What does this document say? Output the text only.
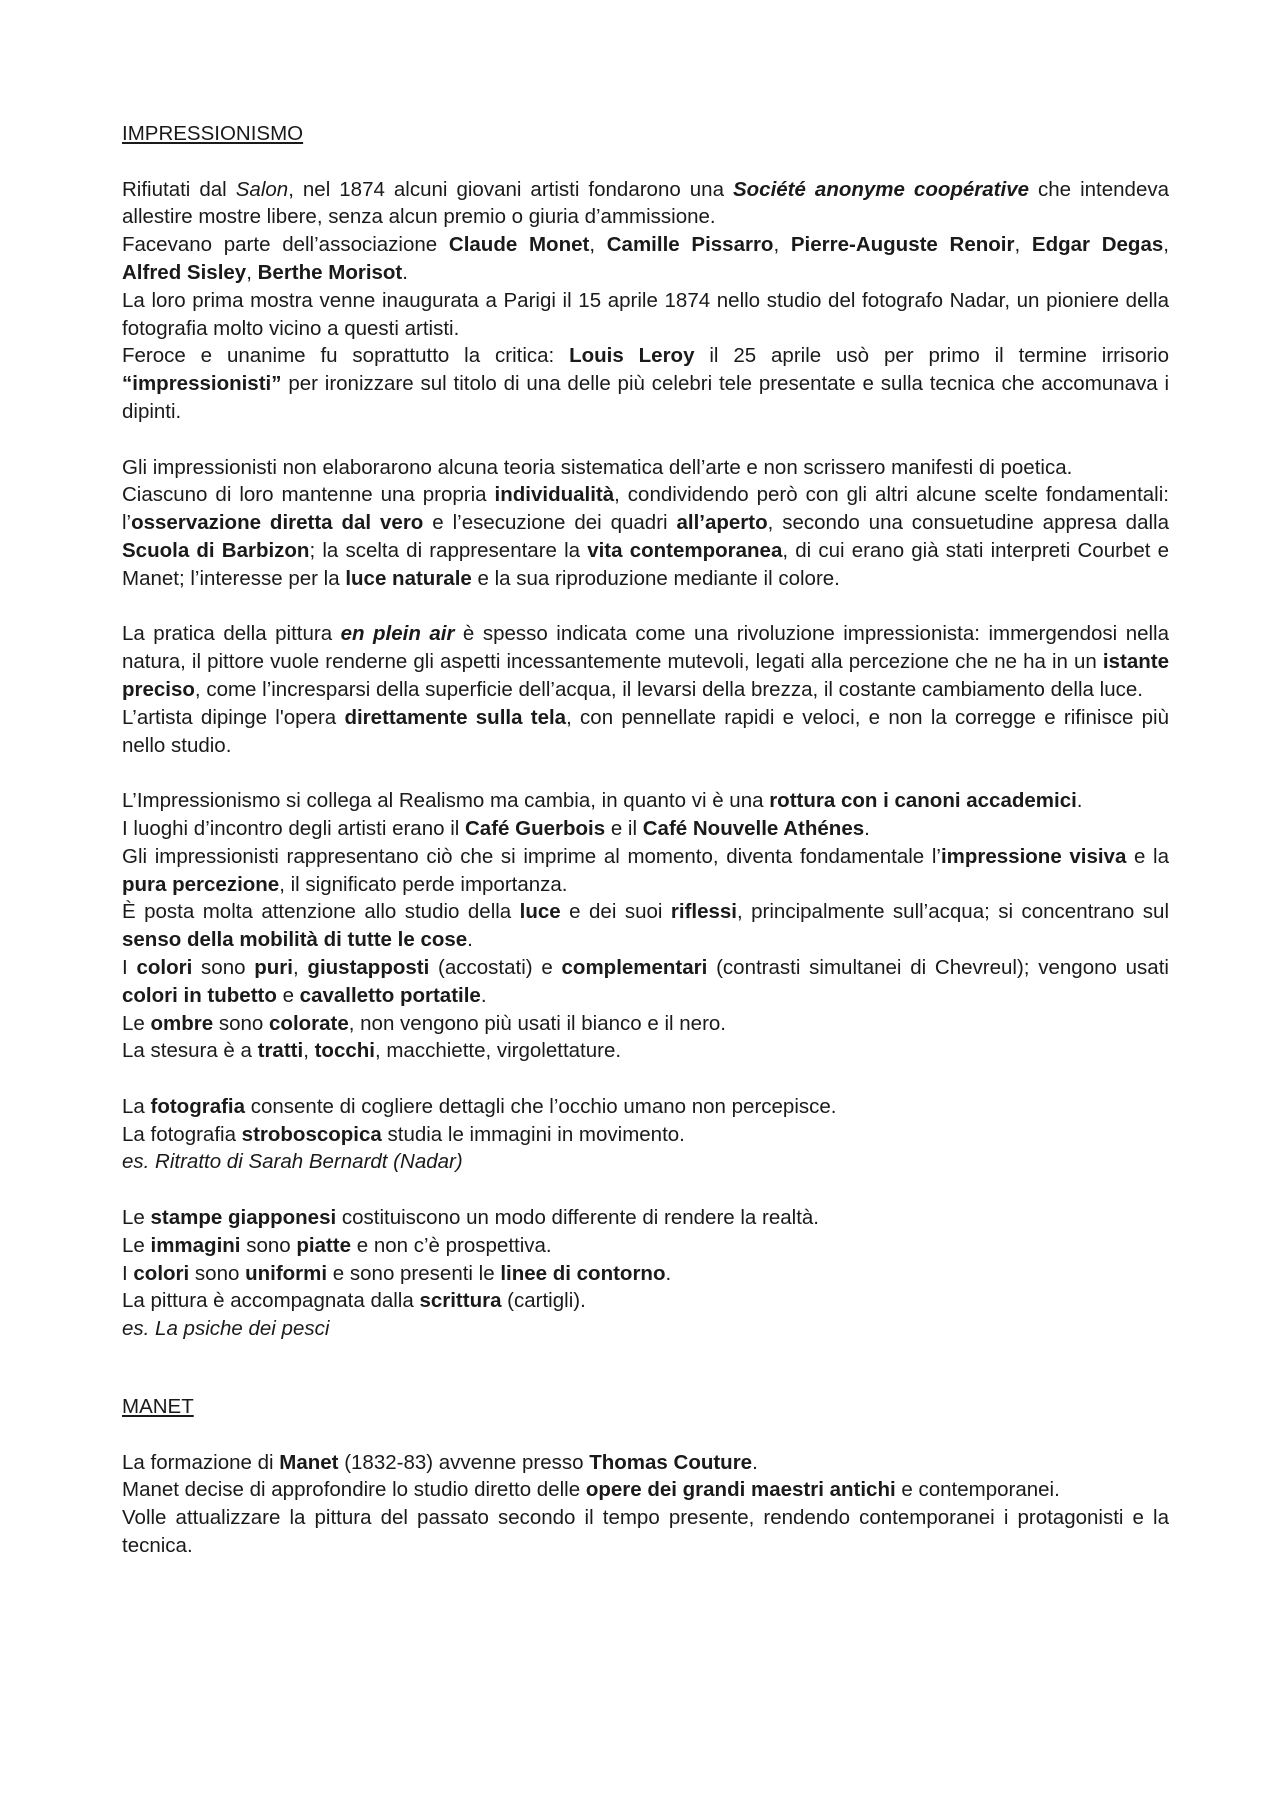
IMPRESSIONISMO

Rifiutati dal Salon, nel 1874 alcuni giovani artisti fondarono una Société anonyme coopérative che intendeva allestire mostre libere, senza alcun premio o giuria d’ammissione.

Facevano parte dell’associazione Claude Monet, Camille Pissarro, Pierre-Auguste Renoir, Edgar Degas, Alfred Sisley, Berthe Morisot.

La loro prima mostra venne inaugurata a Parigi il 15 aprile 1874 nello studio del fotografo Nadar, un pioniere della fotografia molto vicino a questi artisti.

Feroce e unanime fu soprattutto la critica: Louis Leroy il 25 aprile usò per primo il termine irrisorio “impressionisti” per ironizzare sul titolo di una delle più celebri tele presentate e sulla tecnica che accomunava i dipinti.

Gli impressionisti non elaborarono alcuna teoria sistematica dell’arte e non scrissero manifesti di poetica.

Ciascuno di loro mantenne una propria individualità, condividendo però con gli altri alcune scelte fondamentali: l’osservazione diretta dal vero e l’esecuzione dei quadri all’aperto, secondo una consuetudine appresa dalla Scuola di Barbizon; la scelta di rappresentare la vita contemporanea, di cui erano già stati interpreti Courbet e Manet; l’interesse per la luce naturale e la sua riproduzione mediante il colore.

La pratica della pittura en plein air è spesso indicata come una rivoluzione impressionista: immergendosi nella natura, il pittore vuole renderne gli aspetti incessantemente mutevoli, legati alla percezione che ne ha in un istante preciso, come l’incresparsi della superficie dell’acqua, il levarsi della brezza, il costante cambiamento della luce.

L’artista dipinge l'opera direttamente sulla tela, con pennellate rapidi e veloci, e non la corregge e rifinisce più nello studio.

L’Impressionismo si collega al Realismo ma cambia, in quanto vi è una rottura con i canoni accademici.

I luoghi d’incontro degli artisti erano il Café Guerbois e il Café Nouvelle Athénes.

Gli impressionisti rappresentano ciò che si imprime al momento, diventa fondamentale l’impressione visiva e la pura percezione, il significato perde importanza.

È posta molta attenzione allo studio della luce e dei suoi riflessi, principalmente sull’acqua; si concentrano sul senso della mobilità di tutte le cose.

I colori sono puri, giustapposti (accostati) e complementari (contrasti simultanei di Chevreul); vengono usati colori in tubetto e cavalletto portatile.

Le ombre sono colorate, non vengono più usati il bianco e il nero.

La stesura è a tratti, tocchi, macchiette, virgolettature.

La fotografia consente di cogliere dettagli che l’occhio umano non percepisce.

La fotografia stroboscopica studia le immagini in movimento.

es. Ritratto di Sarah Bernardt (Nadar)

Le stampe giapponesi costituiscono un modo differente di rendere la realtà.

Le immagini sono piatte e non c’è prospettiva.

I colori sono uniformi e sono presenti le linee di contorno.

La pittura è accompagnata dalla scrittura (cartigli).

es. La psiche dei pesci

MANET

La formazione di Manet (1832-83) avvenne presso Thomas Couture.

Manet decise di approfondire lo studio diretto delle opere dei grandi maestri antichi e contemporanei.

Volle attualizzare la pittura del passato secondo il tempo presente, rendendo contemporanei i protagonisti e la tecnica.
